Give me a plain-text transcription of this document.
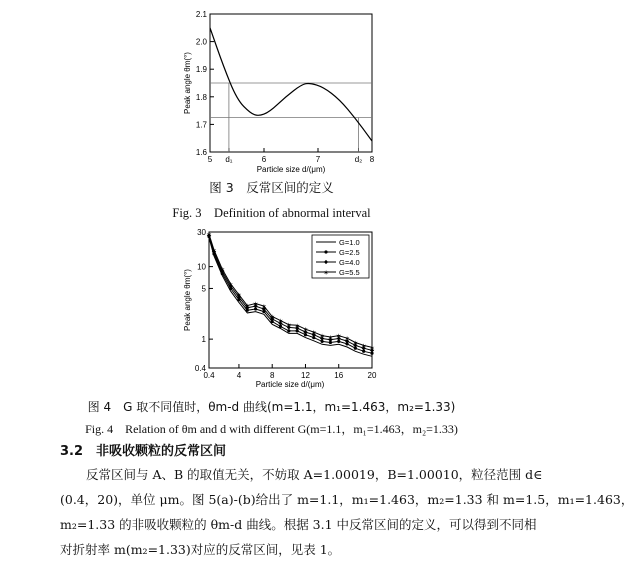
2.1
2.0
1.9
1.8
1.7
1.6
5 d₁	6	7	d₂ 8
Peak angle θm(°)
Particle size d/(μm)
图 3　反常区间的定义
Fig. 3　Definition of abnormal interval
30
10
5
1
0.4
0.4	4	8	12	16	20
✶
✶
✶
✶
✶
✶ ✶ ✶
✶
✶
✶ ✶
✶ ✶ ✶ ✶ ✶ ✶
✶ ✶ ✶
G=1.0
G=2.5
G=4.0
✶ G=5.5
Peak angle θm(°)
Particle size d/(μm)
图 4　G 取不同值时，θm-d 曲线(m=1.1，m₁=1.463，m₂=1.33)
Fig. 4　Relation of θm and d with different G(m=1.1，m₁=1.463，m₂=1.33)
3.2　非吸收颗粒的反常区间
反常区间与 A、B 的取值无关，不妨取 A=1.00019，B=1.00010，粒径范围 d∈
(0.4，20)，单位 μm。图 5(a)-(b)给出了 m=1.1，m₁=1.463，m₂=1.33 和 m=1.5，m₁=1.463，
m₂=1.33 的非吸收颗粒的 θm-d 曲线。根据 3.1 中反常区间的定义，可以得到不同相
对折射率 m(m₂=1.33)对应的反常区间，见表 1。
